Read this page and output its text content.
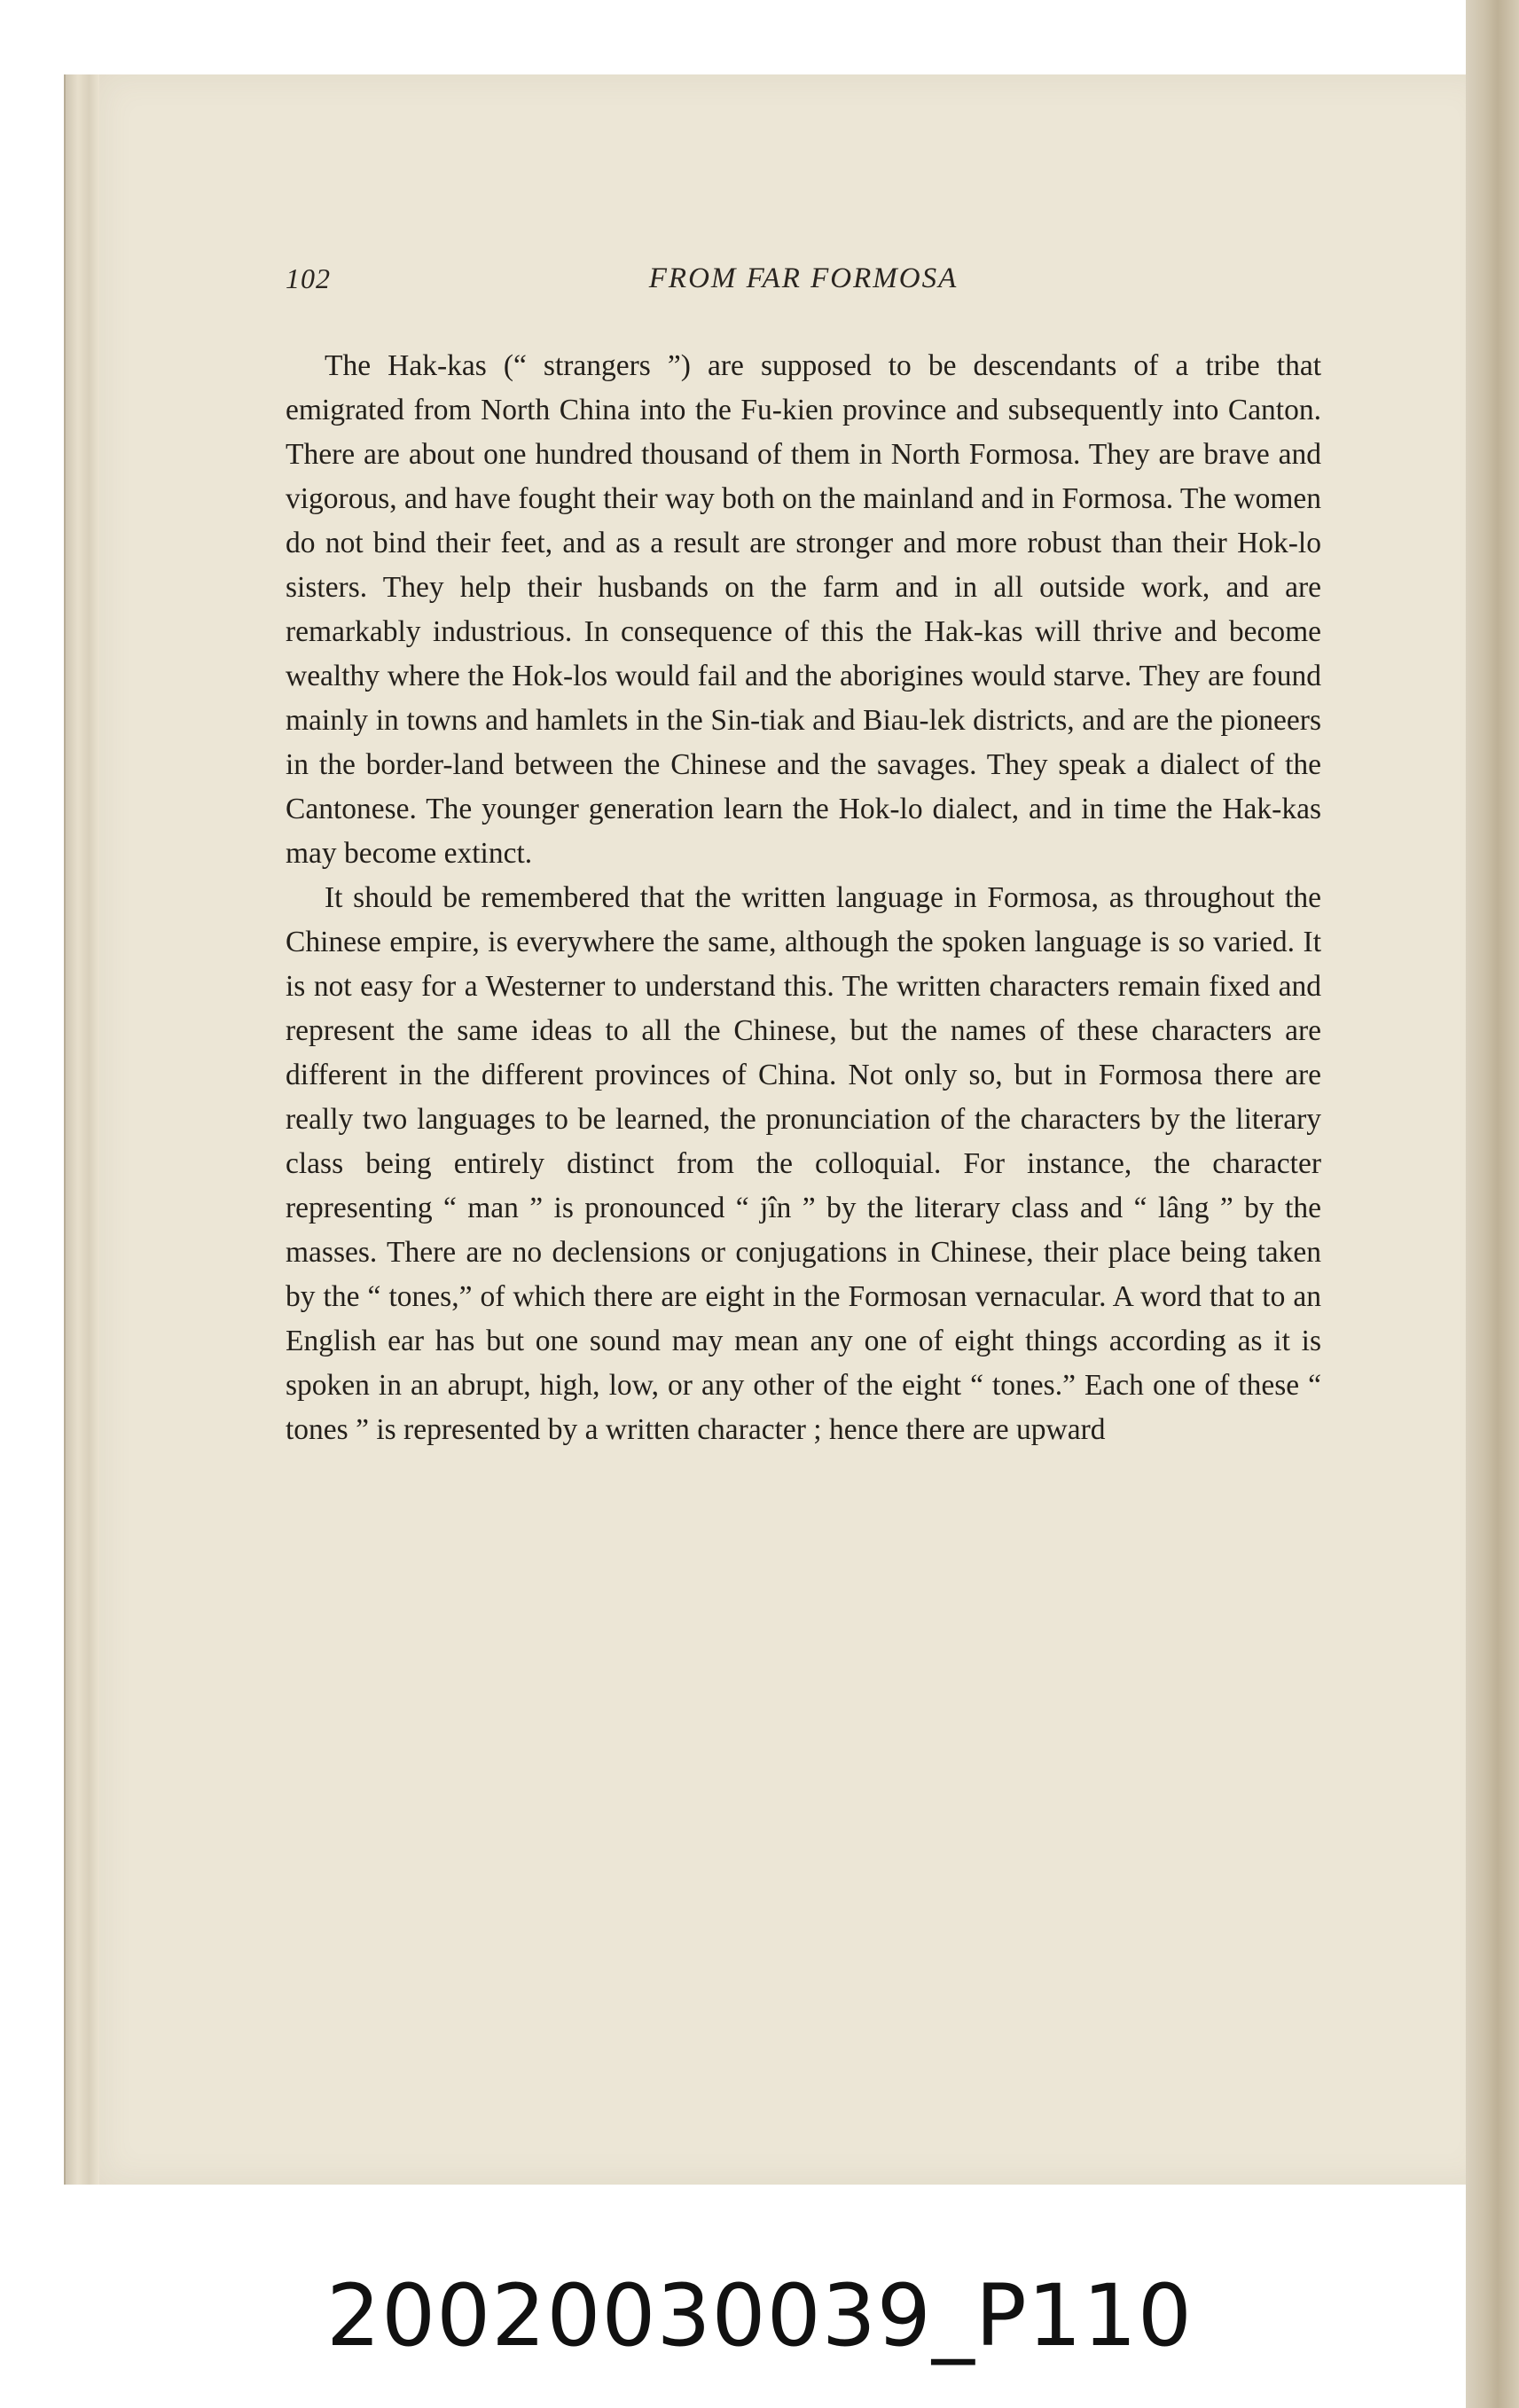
102	FROM FAR FORMOSA

The Hak-kas (“ strangers ”) are supposed to be descendants of a tribe that emigrated from North China into the Fu-kien province and subsequently into Canton. There are about one hundred thousand of them in North Formosa. They are brave and vigorous, and have fought their way both on the mainland and in Formosa. The women do not bind their feet, and as a result are stronger and more robust than their Hok-lo sisters. They help their husbands on the farm and in all outside work, and are remarkably industrious. In consequence of this the Hak-kas will thrive and become wealthy where the Hok-los would fail and the aborigines would starve. They are found mainly in towns and hamlets in the Sin-tiak and Biau-lek districts, and are the pioneers in the border-land between the Chinese and the savages. They speak a dialect of the Cantonese. The younger generation learn the Hok-lo dialect, and in time the Hak-kas may become extinct.

It should be remembered that the written language in Formosa, as throughout the Chinese empire, is everywhere the same, although the spoken language is so varied. It is not easy for a Westerner to understand this. The written characters remain fixed and represent the same ideas to all the Chinese, but the names of these characters are different in the different provinces of China. Not only so, but in Formosa there are really two languages to be learned, the pronunciation of the characters by the literary class being entirely distinct from the colloquial. For instance, the character representing “ man ” is pronounced “ jîn ” by the literary class and “ lâng ” by the masses. There are no declensions or conjugations in Chinese, their place being taken by the “ tones,” of which there are eight in the Formosan vernacular. A word that to an English ear has but one sound may mean any one of eight things according as it is spoken in an abrupt, high, low, or any other of the eight “ tones.” Each one of these “ tones ” is represented by a written character ; hence there are upward

20020030039_P110
